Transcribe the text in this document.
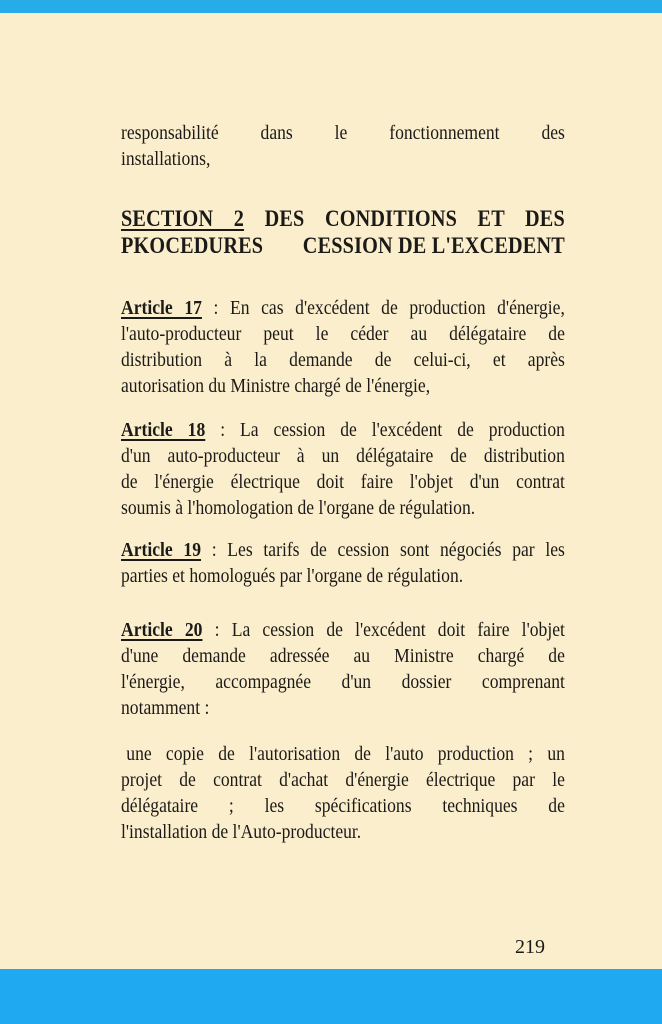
responsabilité dans le fonctionnement des
installations,
SECTION 2 DES CONDITIONS ET DES
PKOCEDURES CESSION DE L'EXCEDENT
Article 17 : En cas d'excédent de production d'énergie,
l'auto-producteur peut le céder au délégataire de
distribution à la demande de celui-ci, et après
autorisation du Ministre chargé de l'énergie,
Article 18 : La cession de l'excédent de production
d'un auto-producteur à un délégataire de distribution
de l'énergie électrique doit faire l'objet d'un contrat
soumis à l'homologation de l'organe de régulation.
Article 19 : Les tarifs de cession sont négociés par les
parties et homologués par l'organe de régulation.
Article 20 : La cession de l'excédent doit faire l'objet
d'une demande adressée au Ministre chargé de
l'énergie, accompagnée d'un dossier comprenant
notamment :
une copie de l'autorisation de l'auto production ; un
projet de contrat d'achat d'énergie électrique par le
délégataire ; les spécifications techniques de
l'installation de l'Auto-producteur.
219
